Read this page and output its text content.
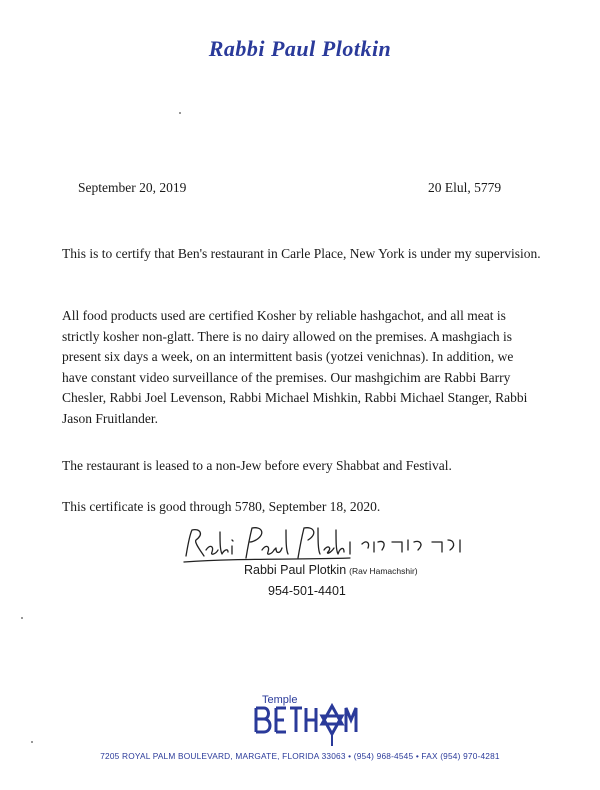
Rabbi Paul Plotkin
September 20, 2019	20 Elul, 5779
This is to certify that Ben's restaurant in Carle Place, New York is under my supervision.
All food products used are certified Kosher by reliable hashgachot, and all meat is strictly kosher non-glatt. There is no dairy allowed on the premises. A mashgiach is present six days a week, on an intermittent basis (yotzei venichnas). In addition, we have constant video surveillance of the premises. Our mashgichim are Rabbi Barry Chesler, Rabbi Joel Levenson, Rabbi Michael Mishkin, Rabbi Michael Stanger, Rabbi Jason Fruitlander.
The restaurant is leased to a non-Jew before every Shabbat and Festival.
This certificate is good through 5780, September 18, 2020.
Rabbi Paul Plotkin (Rav Hamachshir)
954-501-4401
Temple
7205 ROYAL PALM BOULEVARD, MARGATE, FLORIDA 33063 • (954) 968-4545 • FAX (954) 970-4281
